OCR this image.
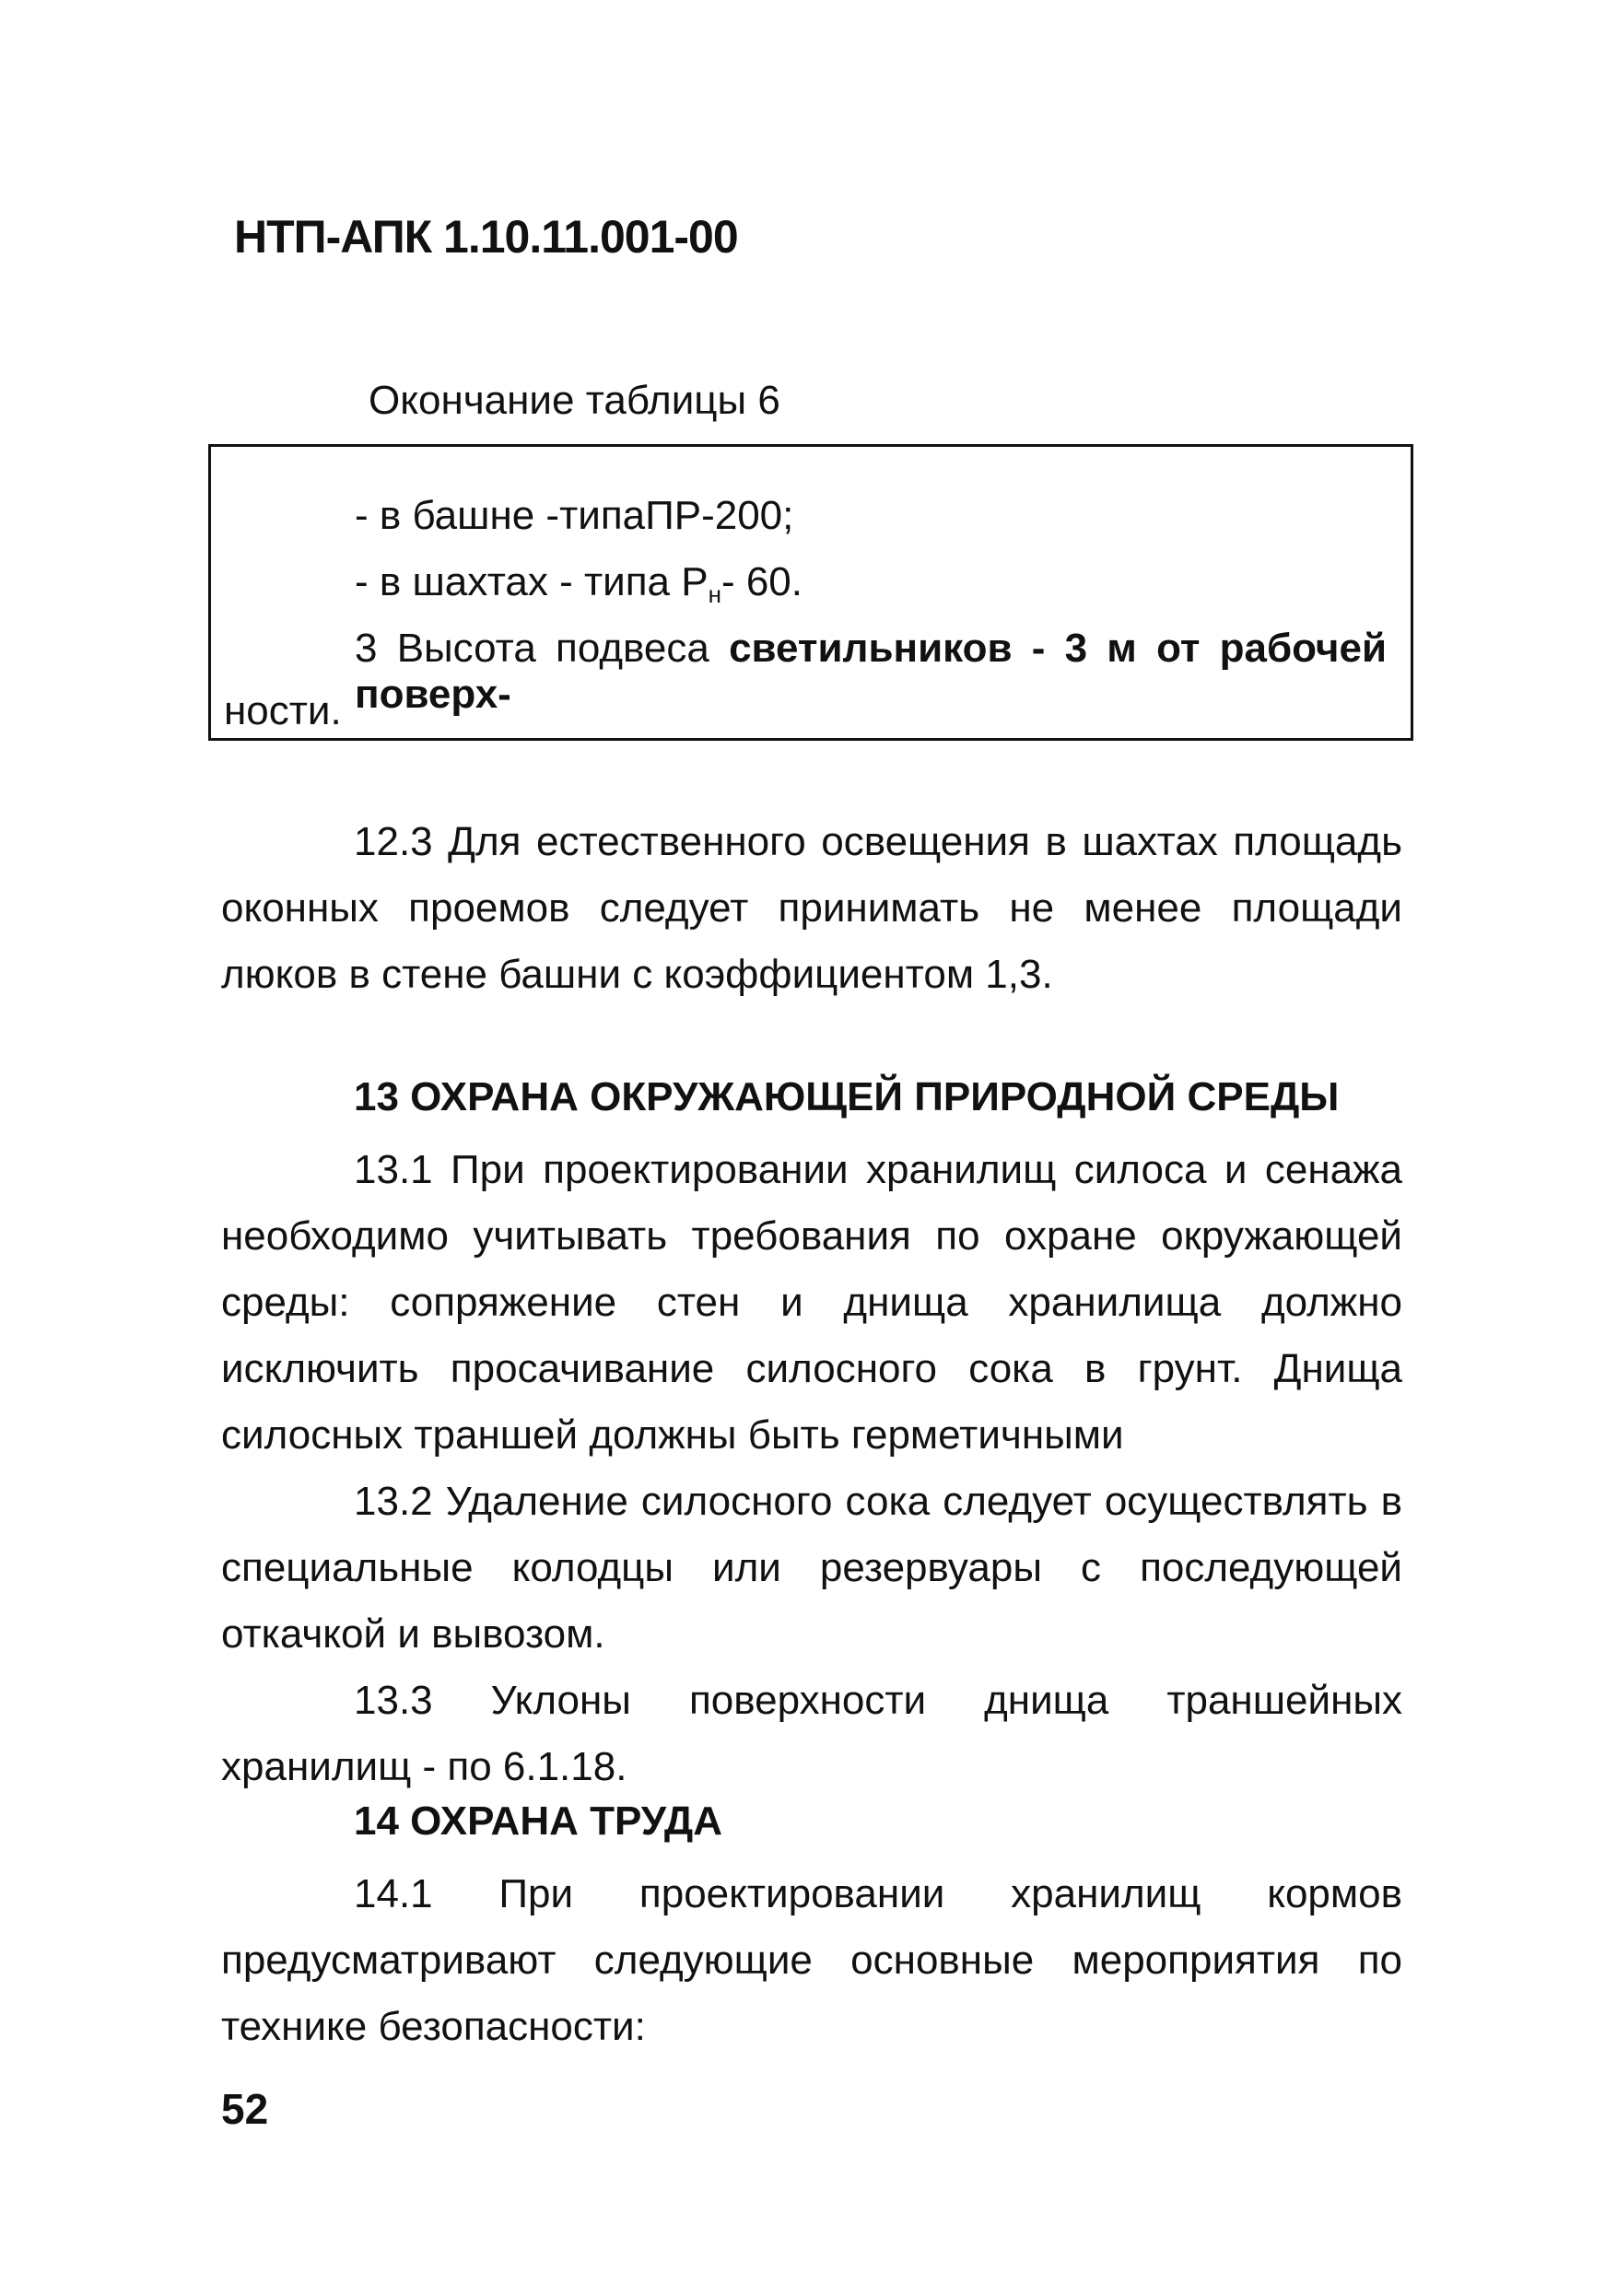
НТП-АПК 1.10.11.001-00

Окончание таблицы 6

- в башне -типаПР-200;

- в шахтах - типа $Р_н-$ 60.

3 Высота подвеса светильников - 3 м от рабочей поверх-

ности.

12.3 Для естественного освещения в шахтах площадь оконных проемов следует принимать не менее площади люков в стене башни с коэффициентом 1,3.

13 ОХРАНА ОКРУЖАЮЩЕЙ ПРИРОДНОЙ СРЕДЫ

13.1 При проектировании хранилищ силоса и сенажа необходимо учитывать требования по охране окружающей среды: сопряжение стен и днища хранилища должно исключить просачивание силосного сока в грунт. Днища силосных траншей должны быть герметичными

13.2 Удаление силосного сока следует осуществлять в специальные колодцы или резервуары с последующей откачкой и вывозом.

13.3 Уклоны поверхности днища траншейных хранилищ - по 6.1.18.

14 ОХРАНА ТРУДА

14.1 При проектировании хранилищ кормов предусматривают следующие основные мероприятия по технике безопасности:

52
